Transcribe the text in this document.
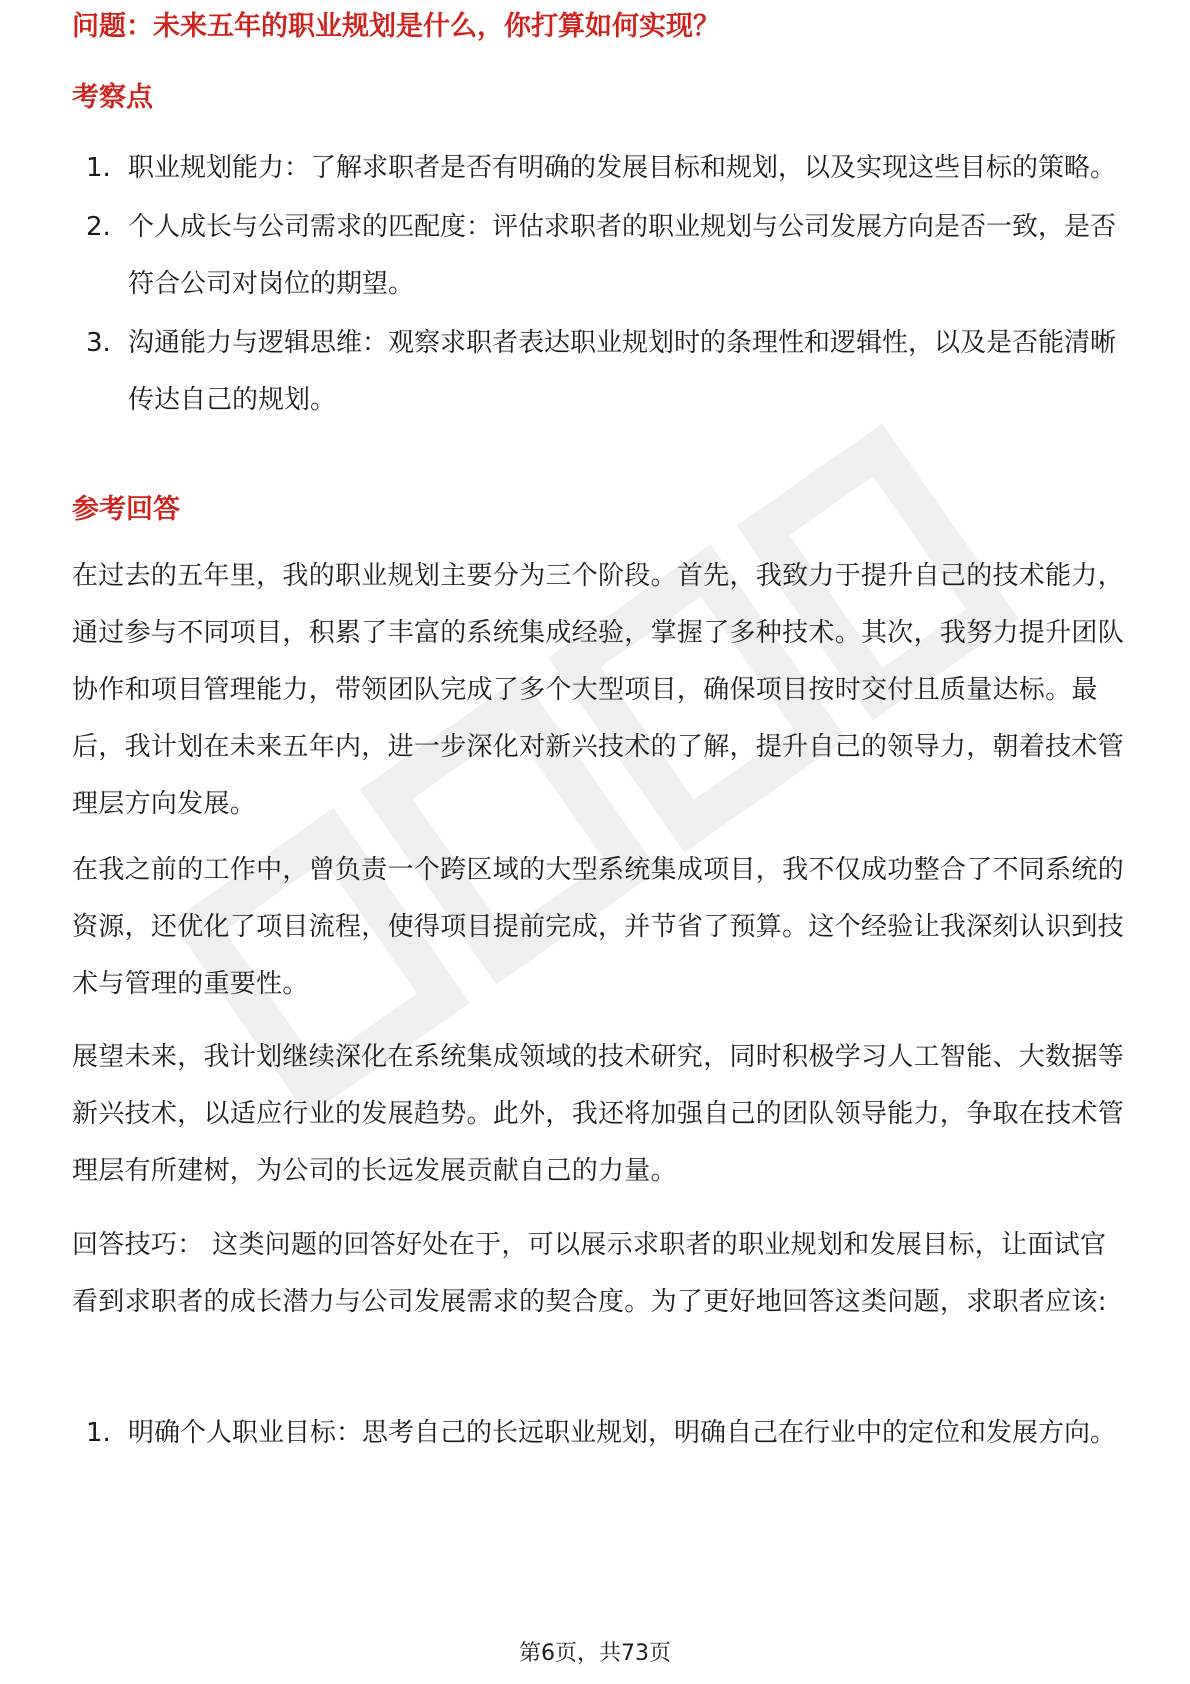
问题：未来五年的职业规划是什么，你打算如何实现？
考察点
1. 职业规划能力：了解求职者是否有明确的发展目标和规划，以及实现这些目标的策略。
2. 个人成长与公司需求的匹配度：评估求职者的职业规划与公司发展方向是否一致，是否符合公司对岗位的期望。
3. 沟通能力与逻辑思维：观察求职者表达职业规划时的条理性和逻辑性，以及是否能清晰传达自己的规划。
参考回答

在过去的五年里，我的职业规划主要分为三个阶段。首先，我致力于提升自己的技术能力，通过参与不同项目，积累了丰富的系统集成经验，掌握了多种技术。其次，我努力提升团队协作和项目管理能力，带领团队完成了多个大型项目，确保项目按时交付且质量达标。最后，我计划在未来五年内，进一步深化对新兴技术的了解，提升自己的领导力，朝着技术管理层方向发展。

在我之前的工作中，曾负责一个跨区域的大型系统集成项目，我不仅成功整合了不同系统的资源，还优化了项目流程，使得项目提前完成，并节省了预算。这个经验让我深刻认识到技术与管理的重要性。

展望未来，我计划继续深化在系统集成领域的技术研究，同时积极学习人工智能、大数据等新兴技术，以适应行业的发展趋势。此外，我还将加强自己的团队领导能力，争取在技术管理层有所建树，为公司的长远发展贡献自己的力量。

回答技巧： 这类问题的回答好处在于，可以展示求职者的职业规划和发展目标，让面试官看到求职者的成长潜力与公司发展需求的契合度。为了更好地回答这类问题，求职者应该:

1. 明确个人职业目标：思考自己的长远职业规划，明确自己在行业中的定位和发展方向。
第6页，共73页
